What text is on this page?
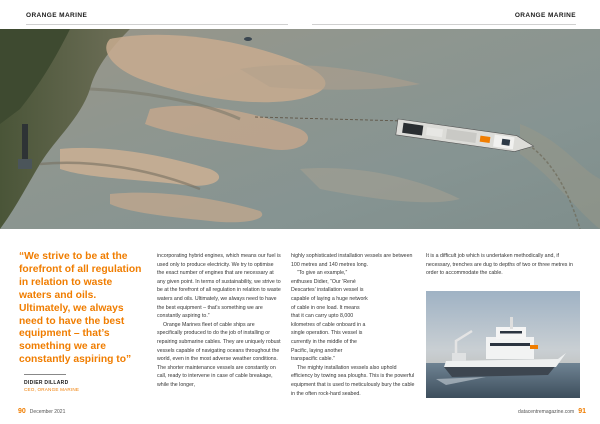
ORANGE MARINE	ORANGE MARINE
“We strive to be at the forefront of all regulation in relation to waste waters and oils. Ultimately, we always need to have the best equipment – that’s something we are constantly aspiring to”
DIDIER DILLARD
CEO, ORANGE MARINE

incorporating hybrid engines, which means our fuel is used only to produce electricity. We try to optimise the exact number of engines that are necessary at any given point. In terms of sustainability, we strive to be at the forefront of all regulation in relation to waste waters and oils. Ultimately, we always need to have the best equipment – that’s something we are constantly aspiring to.”

Orange Marines fleet of cable ships are specifically produced to do the job of installing or repairing submarine cables. They are uniquely robust vessels capable of navigating oceans throughout the world, even in the most adverse weather conditions. The shorter maintenance vessels are constantly on call, ready to intervene in case of cable breakage, while the longer,

highly sophisticated installation vessels are between 100 metres and 140 metres long.

“To give an example,” enthuses Didier, “Our ‘René Descartes’ installation vessel is capable of laying a huge network of cable in one load. It means that it can carry upto 8,000 kilometres of cable onboard in a single operation. This vessel is currently in the middle of the Pacific, laying another transpacific cable.”

The mighty installation vessels also uphold efficiency by towing sea ploughs. This is the powerful equipment that is used to meticulously bury the cable in the often rock-hard seabed.

It is a difficult job which is undertaken methodically and, if necessary, trenches are dug to depths of two or three metres in order to accommodate the cable.

90 December 2021	datacentremagazine.com 91
